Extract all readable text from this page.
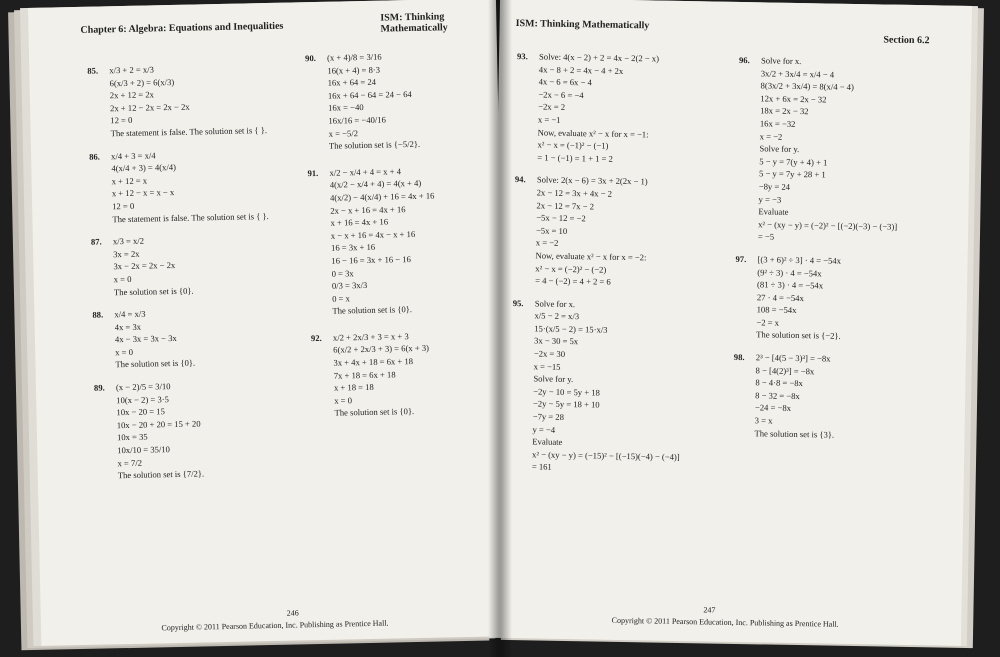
Chapter 6: Algebra: Equations and Inequalities
ISM: Thinking Mathematically
85. x/3 + 2 = x/3
6(x/3 + 2) = 6(x/3)
2x + 12 = 2x
2x + 12 − 2x = 2x − 2x
12 = 0
The statement is false. The solution set is { }.
86. x/4 + 3 = x/4
4(x/4 + 3) = 4(x/4)
x + 12 = x
x + 12 − x = x − x
12 = 0
The statement is false. The solution set is { }.
87. x/3 = x/2
3x = 2x
3x − 2x = 2x − 2x
x = 0
The solution set is {0}.
88. x/4 = x/3
4x = 3x
4x − 3x = 3x − 3x
x = 0
The solution set is {0}.
89. (x − 2)/5 = 3/10
10(x − 2) = 3·5
10x − 20 = 15
10x − 20 + 20 = 15 + 20
10x = 35
10x/10 = 35/10
x = 7/2
The solution set is {7/2}.
90. (x + 4)/8 = 3/16
16(x + 4) = 8·3
16x + 64 = 24
16x + 64 − 64 = 24 − 64
16x = −40
16x/16 = −40/16
x = −5/2
The solution set is {−5/2}.
91. x/2 − x/4 + 4 = x + 4
4(x/2 − x/4 + 4) = 4(x + 4)
4(x/2) − 4(x/4) + 16 = 4x + 16
2x − x + 16 = 4x + 16
x + 16 = 4x + 16
x − x + 16 = 4x − x + 16
16 = 3x + 16
16 − 16 = 3x + 16 − 16
0 = 3x
0/3 = 3x/3
0 = x
The solution set is {0}.
92. x/2 + 2x/3 + 3 = x + 3
6(x/2 + 2x/3 + 3) = 6(x + 3)
3x + 4x + 18 = 6x + 18
7x + 18 = 6x + 18
x + 18 = 18
x = 0
The solution set is {0}.
246
Copyright © 2011 Pearson Education, Inc. Publishing as Prentice Hall.
ISM: Thinking Mathematically
Section 6.2
93. Solve: 4(x − 2) + 2 = 4x − 2(2 − x)
4x − 8 + 2 = 4x − 4 + 2x
4x − 6 = 6x − 4
−2x − 6 = −4
−2x = 2
x = −1
Now, evaluate x² − x for x = −1:
x² − x = (−1)² − (−1)
= 1 − (−1) = 1 + 1 = 2
94. Solve: 2(x − 6) = 3x + 2(2x − 1)
2x − 12 = 3x + 4x − 2
2x − 12 = 7x − 2
−5x − 12 = −2
−5x = 10
x = −2
Now, evaluate x² − x for x = −2:
x² − x = (−2)² − (−2)
= 4 − (−2) = 4 + 2 = 6
95. Solve for x.
x/5 − 2 = x/3
15·(x/5 − 2) = 15·x/3
3x − 30 = 5x
−2x = 30
x = −15
Solve for y.
−2y − 10 = 5y + 18
−2y − 5y = 18 + 10
−7y = 28
y = −4
Evaluate
x² − (xy − y) = (−15)² − [(−15)(−4) − (−4)]
= 161
96. Solve for x.
3x/2 + 3x/4 = x/4 − 4
8(3x/2 + 3x/4) = 8(x/4 − 4)
12x + 6x = 2x − 32
18x = 2x − 32
16x = −32
x = −2
Solve for y.
5 − y = 7(y + 4) + 1
5 − y = 7y + 28 + 1
−8y = 24
y = −3
Evaluate
x² − (xy − y) = (−2)² − [(−2)(−3) − (−3)]
= −5
97. [(3 + 6)² ÷ 3] · 4 = −54x
(9² ÷ 3) · 4 = −54x
(81 ÷ 3) · 4 = −54x
27 · 4 = −54x
108 = −54x
−2 = x
The solution set is {−2}.
98. 2³ − [4(5 − 3)³] = −8x
8 − [4(2)³] = −8x
8 − 4·8 = −8x
8 − 32 = −8x
−24 = −8x
3 = x
The solution set is {3}.
247
Copyright © 2011 Pearson Education, Inc. Publishing as Prentice Hall.
